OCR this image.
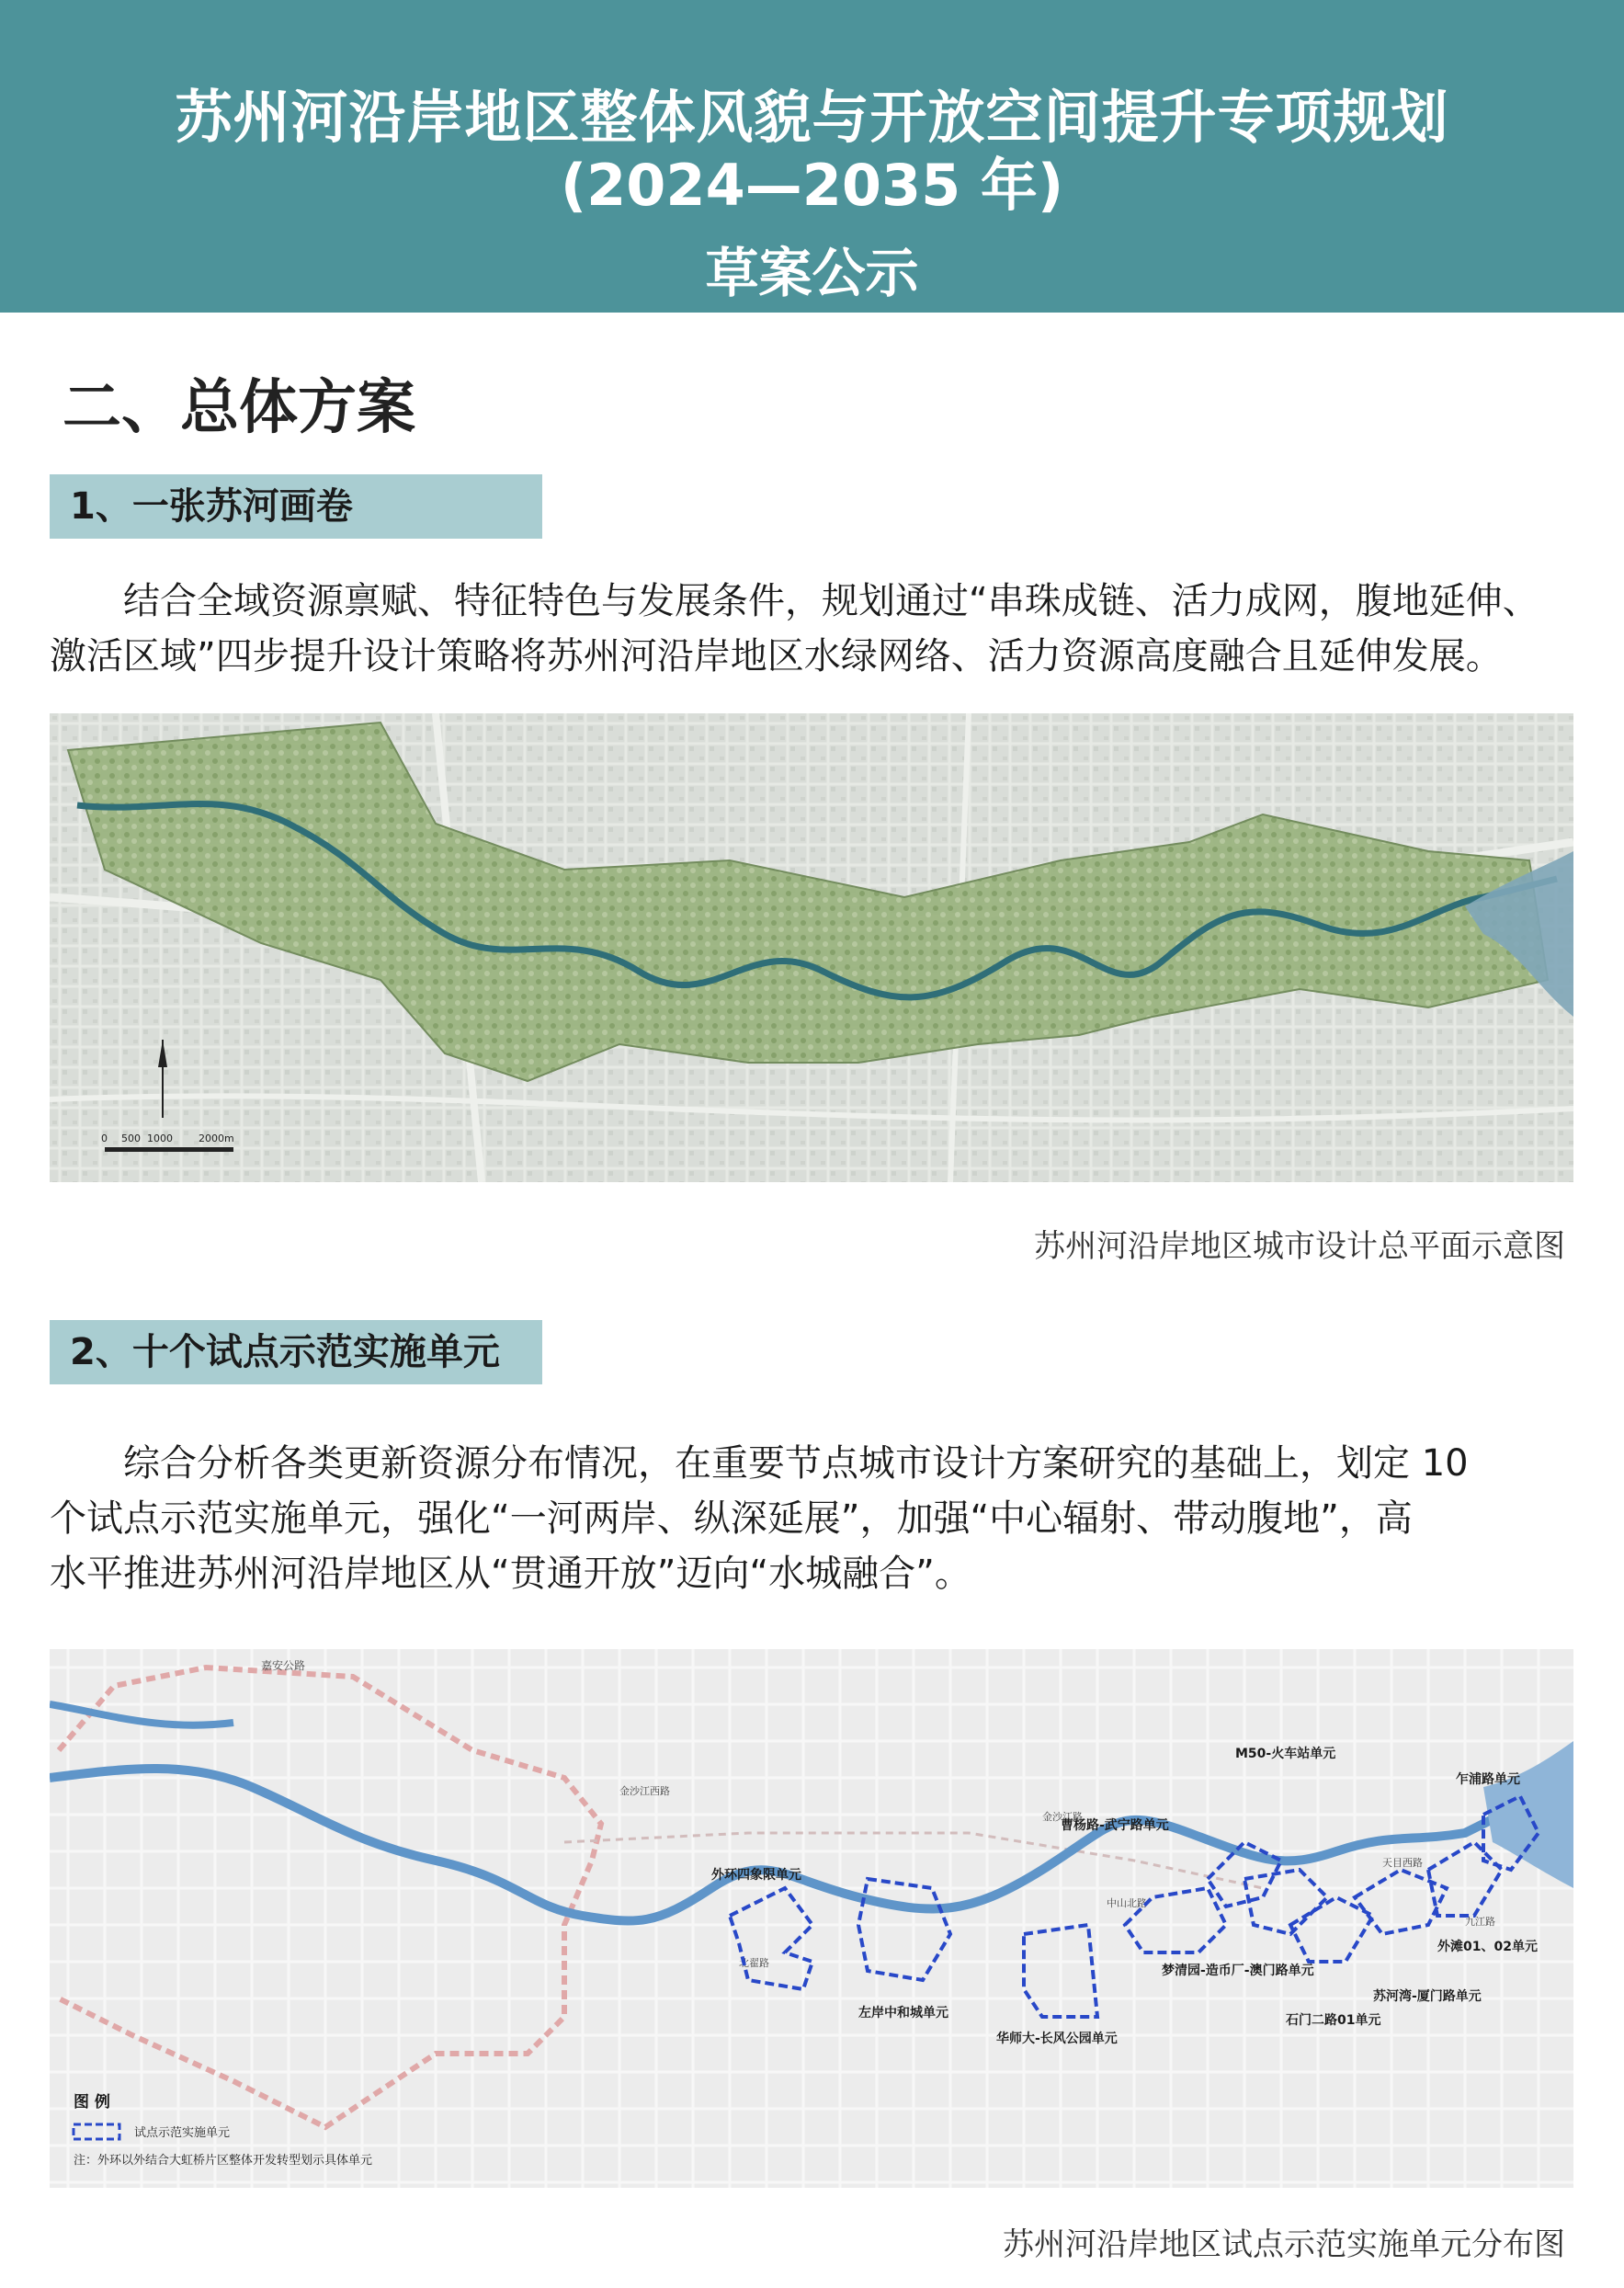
苏州河沿岸地区整体风貌与开放空间提升专项规划
(2024—2035 年)
草案公示
二、总体方案
1、一张苏河画卷

　　结合全域资源禀赋、特征特色与发展条件，规划通过“串珠成链、活力成网，腹地延伸、

激活区域”四步提升设计策略将苏州河沿岸地区水绿网络、活力资源高度融合且延伸发展。

0 500 1000	2000m
苏州河沿岸地区城市设计总平面示意图
2、十个试点示范实施单元

　　综合分析各类更新资源分布情况，在重要节点城市设计方案研究的基础上，划定 10

个试点示范实施单元，强化“一河两岸、纵深延展”，加强“中心辐射、带动腹地”，高

水平推进苏州河沿岸地区从“贯通开放”迈向“水城融合”。

嘉安公路
金沙江西路
金沙江路
北翟路
天目西路
九江路
中山北路
外环四象限单元
左岸中和城单元
华师大-长风公园单元
曹杨路-武宁路单元
M50-火车站单元
梦清园-造币厂-澳门路单元
石门二路01单元
苏河湾-厦门路单元
外滩01、02单元
乍浦路单元
图 例
试点示范实施单元
注：外环以外结合大虹桥片区整体开发转型划示具体单元
苏州河沿岸地区试点示范实施单元分布图
